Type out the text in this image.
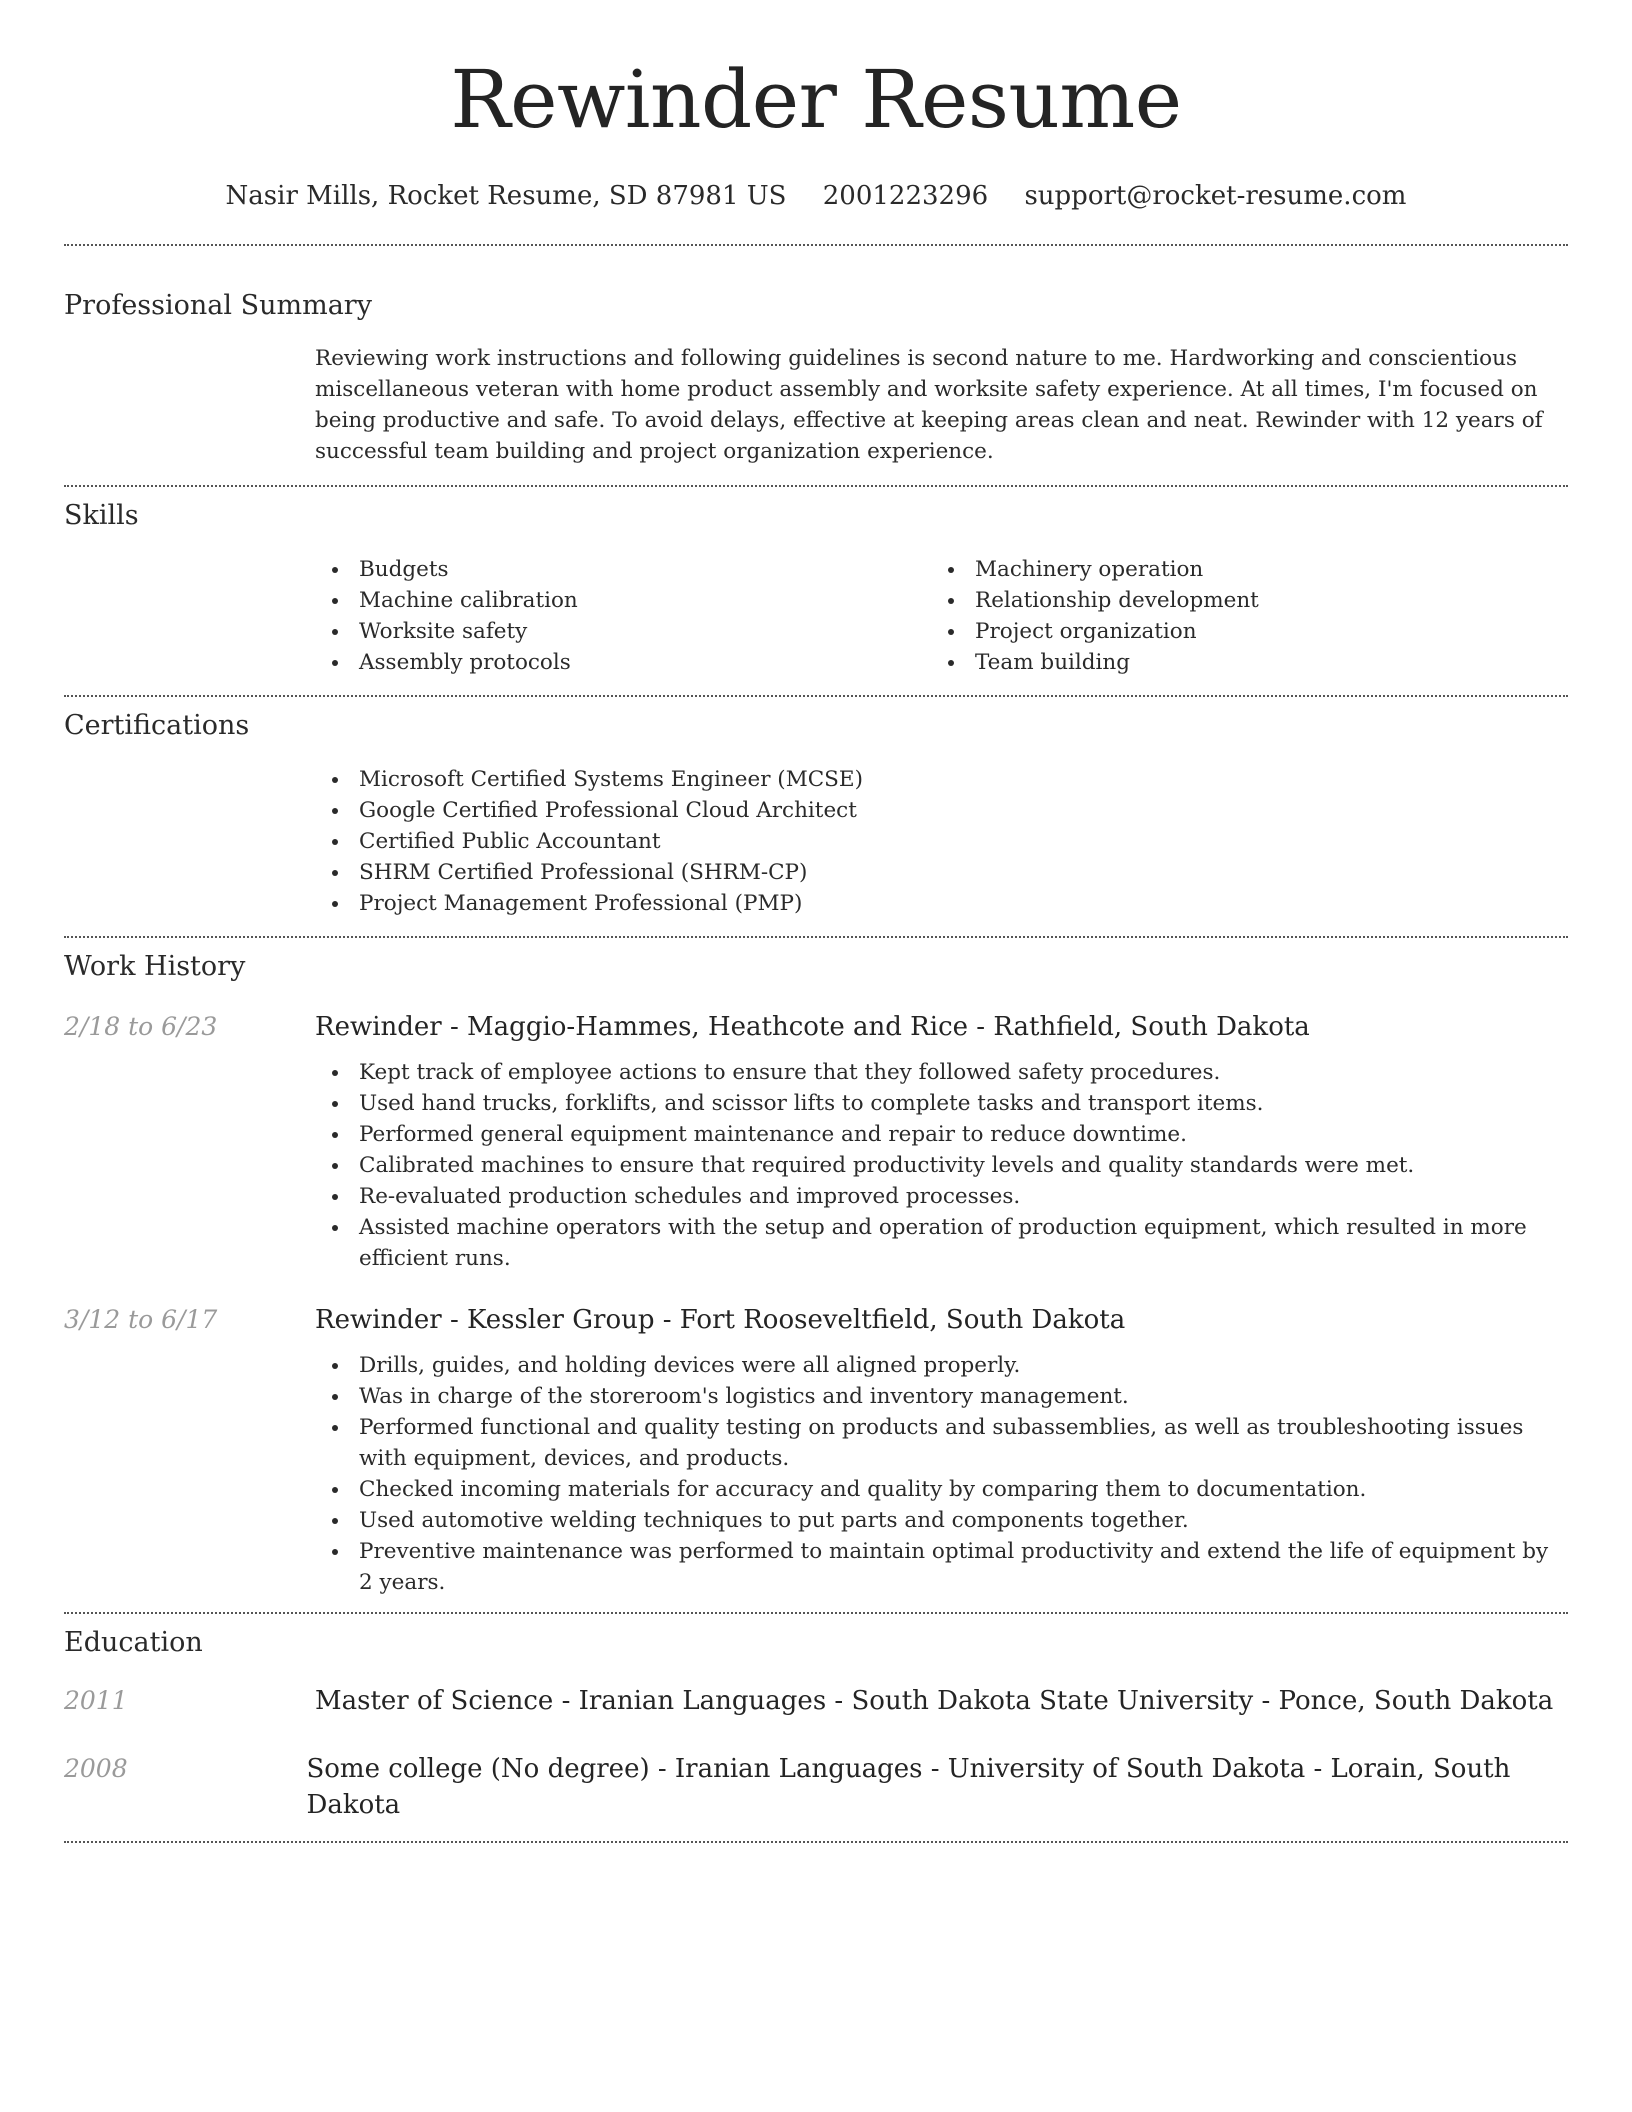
Rewinder Resume
Nasir Mills, Rocket Resume, SD 87981 US 2001223296 support@rocket-resume.com
Professional Summary

Reviewing work instructions and following guidelines is second nature to me. Hardworking and conscientious miscellaneous veteran with home product assembly and worksite safety experience. At all times, I'm focused on being productive and safe. To avoid delays, effective at keeping areas clean and neat. Rewinder with 12 years of successful team building and project organization experience.

Skills
Budgets
Machine calibration
Worksite safety
Assembly protocols
Machinery operation
Relationship development
Project organization
Team building
Certifications
Microsoft Certified Systems Engineer (MCSE)
Google Certified Professional Cloud Architect
Certified Public Accountant
SHRM Certified Professional (SHRM-CP)
Project Management Professional (PMP)
Work History
2/18 to 6/23	Rewinder - Maggio-Hammes, Heathcote and Rice - Rathfield, South Dakota
Kept track of employee actions to ensure that they followed safety procedures.
Used hand trucks, forklifts, and scissor lifts to complete tasks and transport items.
Performed general equipment maintenance and repair to reduce downtime.
Calibrated machines to ensure that required productivity levels and quality standards were met.
Re-evaluated production schedules and improved processes.
Assisted machine operators with the setup and operation of production equipment, which resulted in more efficient runs.
3/12 to 6/17	Rewinder - Kessler Group - Fort Rooseveltfield, South Dakota
Drills, guides, and holding devices were all aligned properly.
Was in charge of the storeroom's logistics and inventory management.
Performed functional and quality testing on products and subassemblies, as well as troubleshooting issues with equipment, devices, and products.
Checked incoming materials for accuracy and quality by comparing them to documentation.
Used automotive welding techniques to put parts and components together.
Preventive maintenance was performed to maintain optimal productivity and extend the life of equipment by 2 years.
Education
2011	Master of Science - Iranian Languages - South Dakota State University - Ponce, South Dakota
2008	Some college (No degree) - Iranian Languages - University of South Dakota - Lorain, South Dakota
